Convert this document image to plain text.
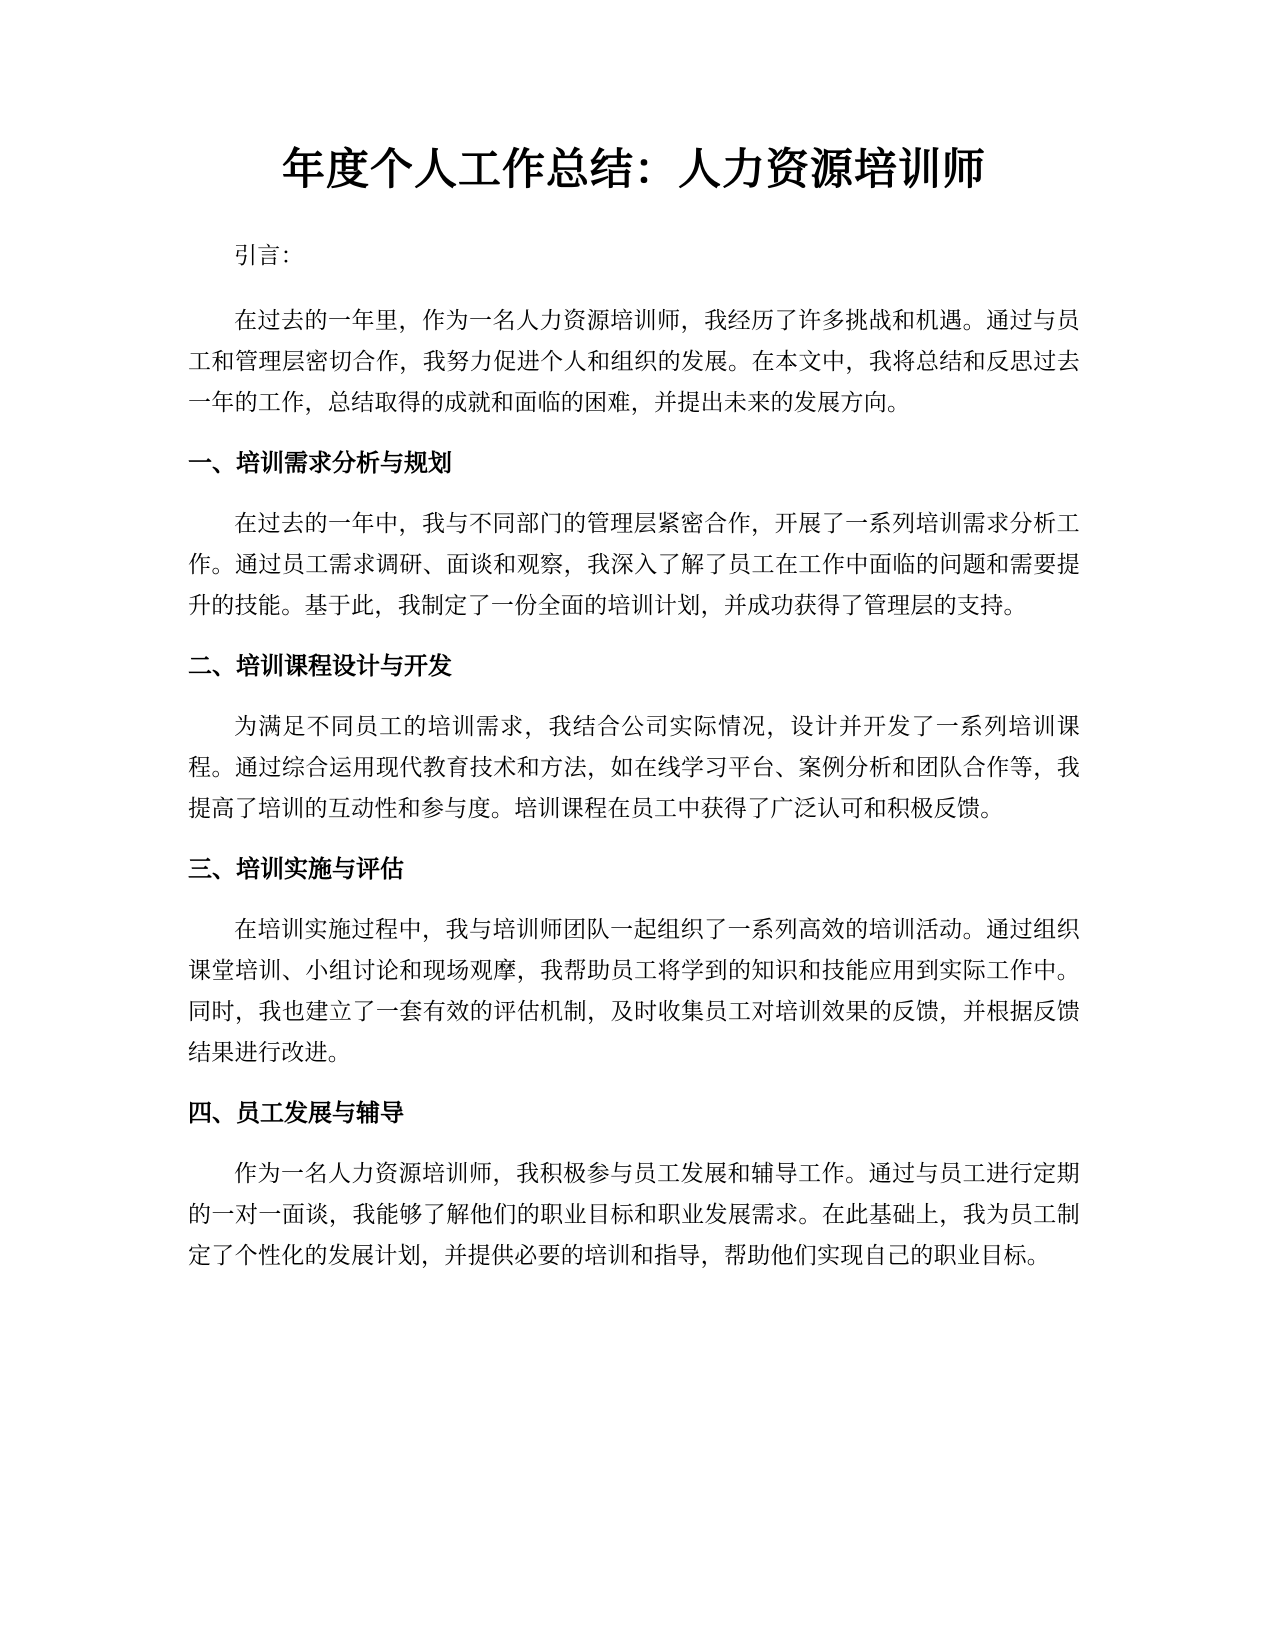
年度个人工作总结：人力资源培训师

引言：

在过去的一年里，作为一名人力资源培训师，我经历了许多挑战和机遇。通过与员工和管理层密切合作，我努力促进个人和组织的发展。在本文中，我将总结和反思过去一年的工作，总结取得的成就和面临的困难，并提出未来的发展方向。

一、培训需求分析与规划

在过去的一年中，我与不同部门的管理层紧密合作，开展了一系列培训需求分析工作。通过员工需求调研、面谈和观察，我深入了解了员工在工作中面临的问题和需要提升的技能。基于此，我制定了一份全面的培训计划，并成功获得了管理层的支持。

二、培训课程设计与开发

为满足不同员工的培训需求，我结合公司实际情况，设计并开发了一系列培训课程。通过综合运用现代教育技术和方法，如在线学习平台、案例分析和团队合作等，我提高了培训的互动性和参与度。培训课程在员工中获得了广泛认可和积极反馈。

三、培训实施与评估

在培训实施过程中，我与培训师团队一起组织了一系列高效的培训活动。通过组织课堂培训、小组讨论和现场观摩，我帮助员工将学到的知识和技能应用到实际工作中。同时，我也建立了一套有效的评估机制，及时收集员工对培训效果的反馈，并根据反馈结果进行改进。

四、员工发展与辅导

作为一名人力资源培训师，我积极参与员工发展和辅导工作。通过与员工进行定期的一对一面谈，我能够了解他们的职业目标和职业发展需求。在此基础上，我为员工制定了个性化的发展计划，并提供必要的培训和指导，帮助他们实现自己的职业目标。
